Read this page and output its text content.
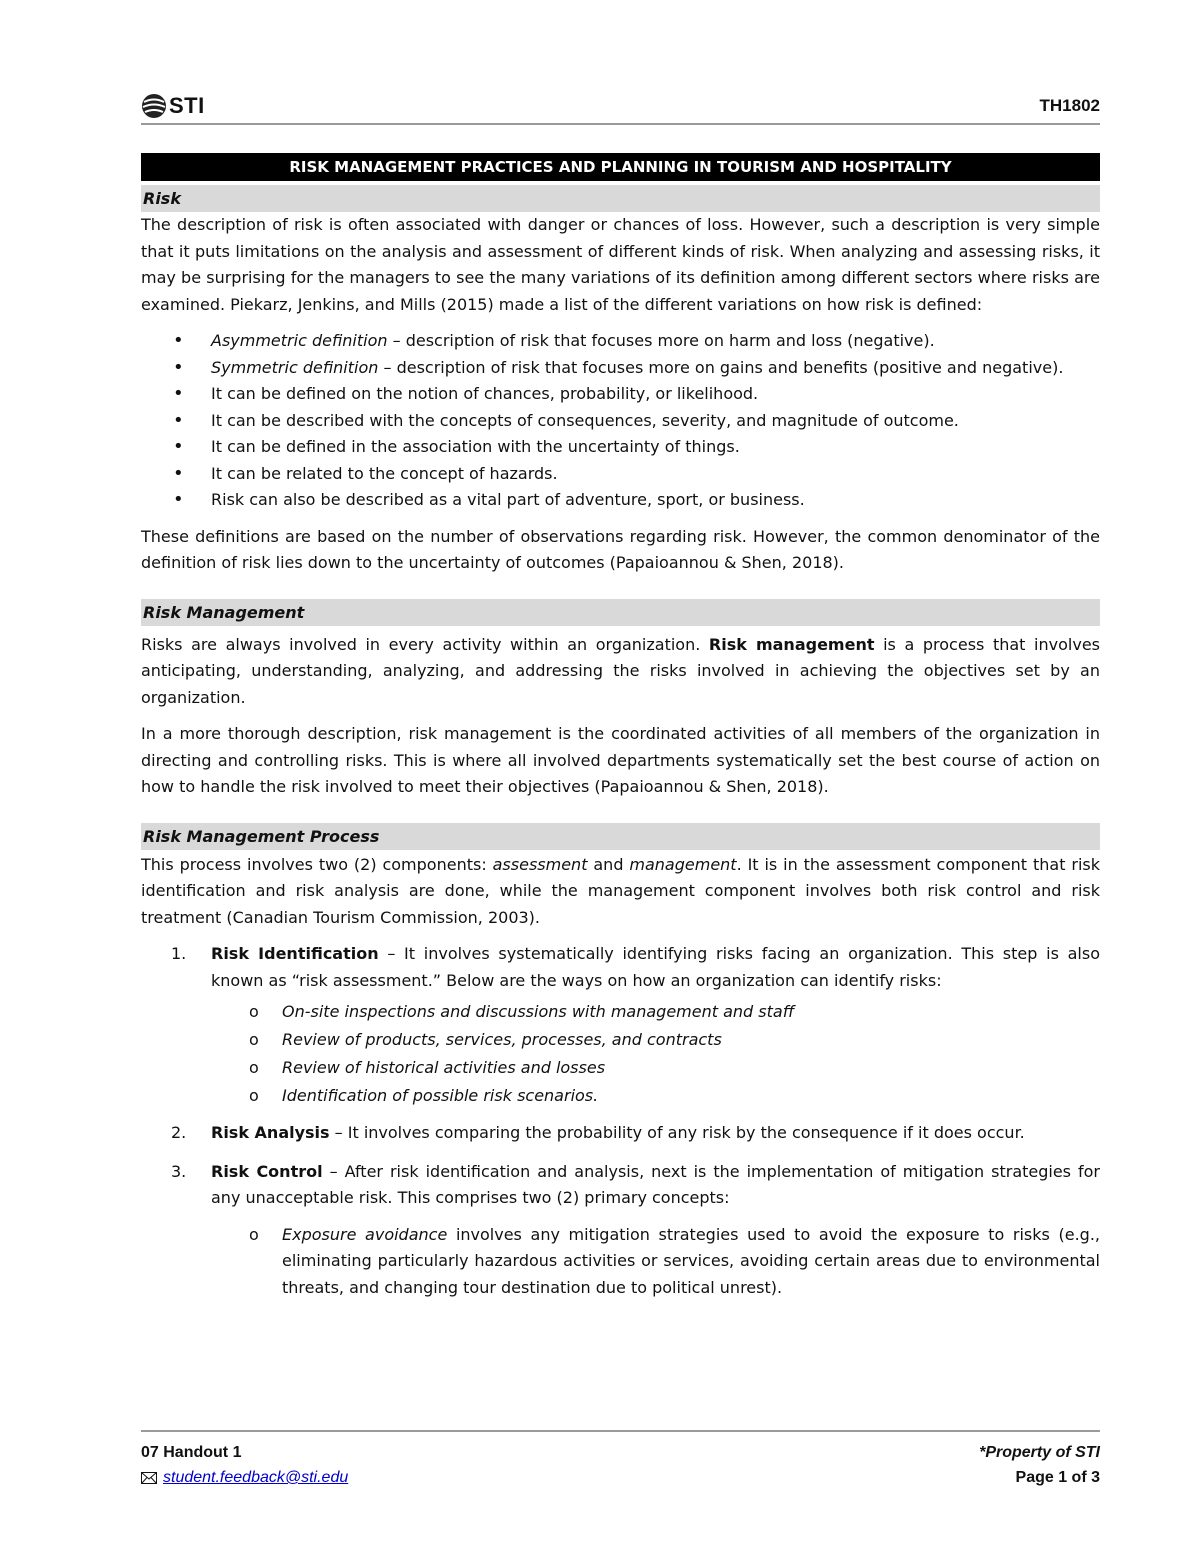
STI	TH1802
RISK MANAGEMENT PRACTICES AND PLANNING IN TOURISM AND HOSPITALITY
Risk

The description of risk is often associated with danger or chances of loss. However, such a description is very simple that it puts limitations on the analysis and assessment of different kinds of risk. When analyzing and assessing risks, it may be surprising for the managers to see the many variations of its definition among different sectors where risks are examined. Piekarz, Jenkins, and Mills (2015) made a list of the different variations on how risk is defined:

• Asymmetric definition – description of risk that focuses more on harm and loss (negative).
• Symmetric definition – description of risk that focuses more on gains and benefits (positive and negative).
• It can be defined on the notion of chances, probability, or likelihood.
• It can be described with the concepts of consequences, severity, and magnitude of outcome.
• It can be defined in the association with the uncertainty of things.
• It can be related to the concept of hazards.
• Risk can also be described as a vital part of adventure, sport, or business.

These definitions are based on the number of observations regarding risk. However, the common denominator of the definition of risk lies down to the uncertainty of outcomes (Papaioannou & Shen, 2018).

Risk Management

Risks are always involved in every activity within an organization. Risk management is a process that involves anticipating, understanding, analyzing, and addressing the risks involved in achieving the objectives set by an organization.

In a more thorough description, risk management is the coordinated activities of all members of the organization in directing and controlling risks. This is where all involved departments systematically set the best course of action on how to handle the risk involved to meet their objectives (Papaioannou & Shen, 2018).

Risk Management Process

This process involves two (2) components: assessment and management. It is in the assessment component that risk identification and risk analysis are done, while the management component involves both risk control and risk treatment (Canadian Tourism Commission, 2003).

1. Risk Identification – It involves systematically identifying risks facing an organization. This step is also known as “risk assessment.” Below are the ways on how an organization can identify risks:
o On-site inspections and discussions with management and staff
o Review of products, services, processes, and contracts
o Review of historical activities and losses
o Identification of possible risk scenarios.
2. Risk Analysis – It involves comparing the probability of any risk by the consequence if it does occur.
3. Risk Control – After risk identification and analysis, next is the implementation of mitigation strategies for any unacceptable risk. This comprises two (2) primary concepts:
o	Exposure avoidance involves any mitigation strategies used to avoid the exposure to risks (e.g., eliminating particularly hazardous activities or services, avoiding certain areas due to environmental threats, and changing tour destination due to political unrest).
07 Handout 1
student.feedback@sti.edu
*Property of STI
Page 1 of 3
